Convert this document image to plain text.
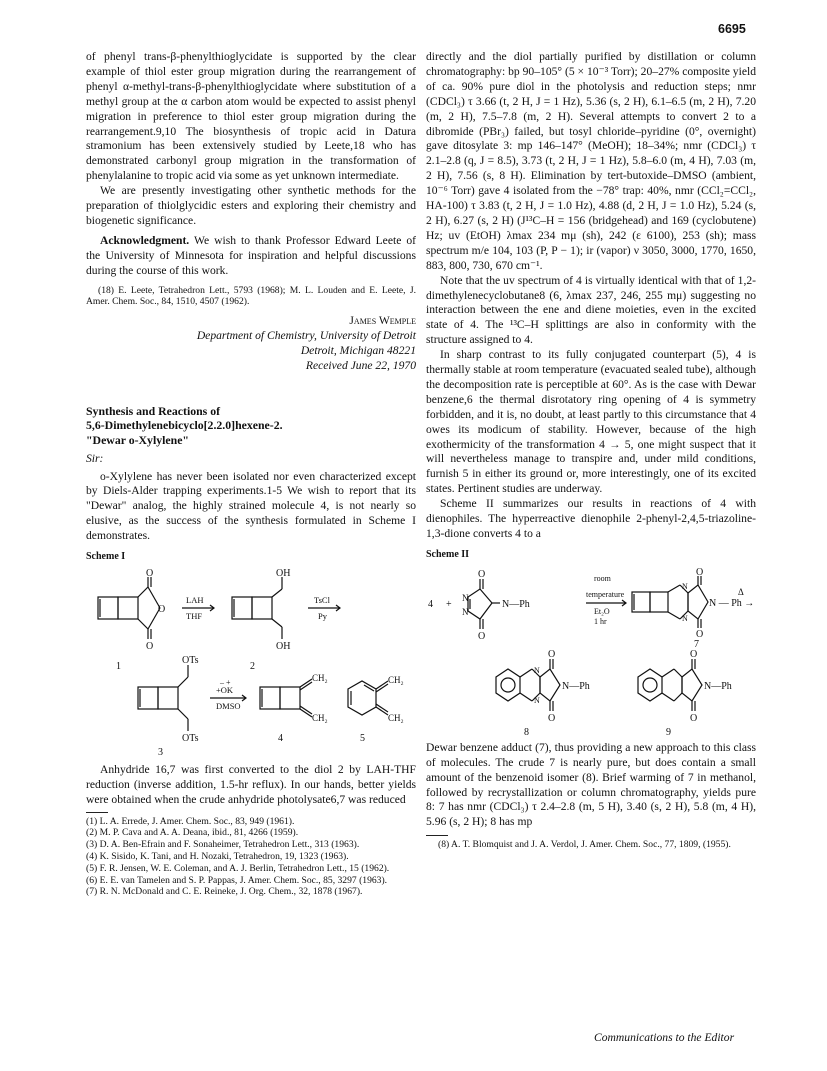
6695

of phenyl trans-β-phenylthioglycidate is supported by the clear example of thiol ester group migration during the rearrangement of phenyl α-methyl-trans-β-phenylthioglycidate where substitution of a methyl group at the α carbon atom would be expected to assist phenyl migration in preference to thiol ester group migration during the rearrangement.9,10 The biosynthesis of tropic acid in Datura stramonium has been extensively studied by Leete,18 who has demonstrated carbonyl group migration in the transformation of phenylalanine to tropic acid via some as yet unknown intermediate.

We are presently investigating other synthetic methods for the preparation of thiolglycidic esters and exploring their chemistry and biogenetic significance.

Acknowledgment. We wish to thank Professor Edward Leete of the University of Minnesota for inspiration and helpful discussions during the course of this work.

(18) E. Leete, Tetrahedron Lett., 5793 (1968); M. L. Louden and E. Leete, J. Amer. Chem. Soc., 84, 1510, 4507 (1962).

James Wemple

Department of Chemistry, University of Detroit

Detroit, Michigan 48221

Received June 22, 1970

Synthesis and Reactions of
5,6-Dimethylenebicyclo[2.2.0]hexene-2.
"Dewar o-Xylylene"

Sir:

o-Xylylene has never been isolated nor even characterized except by Diels-Alder trapping experiments.1-5 We wish to report that its "Dewar" analog, the highly strained molecule 4, is not nearly so elusive, as the success of the synthesis formulated in Scheme I demonstrates.

Scheme I
O
O
O
LAH
THF
OH
OH
TsCl
Py
OTs
OTs
– +
+OK
DMSO
CH₂
CH₂
CH₂
CH₂
1	2
3
4	5

Anhydride 16,7 was first converted to the diol 2 by LAH-THF reduction (inverse addition, 1.5-hr reflux). In our hands, better yields were obtained when the crude anhydride photolysate6,7 was reduced

(1) L. A. Errede, J. Amer. Chem. Soc., 83, 949 (1961).

(2) M. P. Cava and A. A. Deana, ibid., 81, 4266 (1959).

(3) D. A. Ben-Efrain and F. Sonaheimer, Tetrahedron Lett., 313 (1963).

(4) K. Sisido, K. Tani, and H. Nozaki, Tetrahedron, 19, 1323 (1963).

(5) F. R. Jensen, W. E. Coleman, and A. J. Berlin, Tetrahedron Lett., 15 (1962).

(6) E. E. van Tamelen and S. P. Pappas, J. Amer. Chem. Soc., 85, 3297 (1963).

(7) R. N. McDonald and C. E. Reineke, J. Org. Chem., 32, 1878 (1967).

directly and the diol partially purified by distillation or column chromatography: bp 90–105° (5 × 10⁻³ Torr); 20–27% composite yield of ca. 90% pure diol in the photolysis and reduction steps; nmr (CDCl₃) τ 3.66 (t, 2 H, J = 1 Hz), 5.36 (s, 2 H), 6.1–6.5 (m, 2 H), 7.20 (m, 2 H), 7.5–7.8 (m, 2 H). Several attempts to convert 2 to a dibromide (PBr₃) failed, but tosyl chloride–pyridine (0°, overnight) gave ditosylate 3: mp 146–147° (MeOH); 18–34%; nmr (CDCl₃) τ 2.1–2.8 (q, J = 8.5), 3.73 (t, 2 H, J = 1 Hz), 5.8–6.0 (m, 4 H), 7.03 (m, 2 H), 7.56 (s, 8 H). Elimination by tert-butoxide–DMSO (ambient, 10⁻⁶ Torr) gave 4 isolated from the −78° trap: 40%, nmr (CCl₂=CCl₂, HA-100) τ 3.83 (t, 2 H, J = 1.0 Hz), 4.88 (d, 2 H, J = 1.0 Hz), 5.24 (s, 2 H), 6.27 (s, 2 H) (J¹³C–H = 156 (bridgehead) and 169 (cyclobutene) Hz; uv (EtOH) λmax 234 mμ (sh), 242 (ε 6100), 253 (sh); mass spectrum m/e 104, 103 (P, P − 1); ir (vapor) ν 3050, 3000, 1770, 1650, 883, 800, 730, 670 cm⁻¹.

Note that the uv spectrum of 4 is virtually identical with that of 1,2-dimethylenecyclobutane8 (6, λmax 237, 246, 255 mμ) suggesting no interaction between the ene and diene moieties, even in the excited state of 4. The ¹³C–H splittings are also in conformity with the structure assigned to 4.

In sharp contrast to its fully conjugated counterpart (5), 4 is thermally stable at room temperature (evacuated sealed tube), although the decomposition rate is perceptible at 60°. As is the case with Dewar benzene,6 the thermal disrotatory ring opening of 4 is symmetry forbidden, and it is, no doubt, at least partly to this circumstance that 4 owes its modicum of stability. However, because of the high exothermicity of the transformation 4 → 5, one might suspect that it will nevertheless manage to transpire and, under mild conditions, furnish 5 in either its ground or, more interestingly, one of its excited states. Pertinent studies are underway.

Scheme II summarizes our results in reactions of 4 with dienophiles. The hyperreactive dienophile 2-phenyl-2,4,5-triazoline-1,3-dione converts 4 to a

Scheme II
4 +
O
N
N
O
N—Ph
room
temperature
Et₂O
1 hr
N
N
O
O
N — Ph →
Δ
7
N
N
O
O
N—Ph
8
O
O
N—Ph
9

Dewar benzene adduct (7), thus providing a new approach to this class of molecules. The crude 7 is nearly pure, but does contain a small amount of the benzenoid isomer (8). Brief warming of 7 in methanol, followed by recrystallization or column chromatography, yields pure 8: 7 has nmr (CDCl₃) τ 2.4–2.8 (m, 5 H), 3.40 (s, 2 H), 5.8 (m, 4 H), 5.96 (s, 2 H); 8 has mp

(8) A. T. Blomquist and J. A. Verdol, J. Amer. Chem. Soc., 77, 1809, (1955).

Communications to the Editor
